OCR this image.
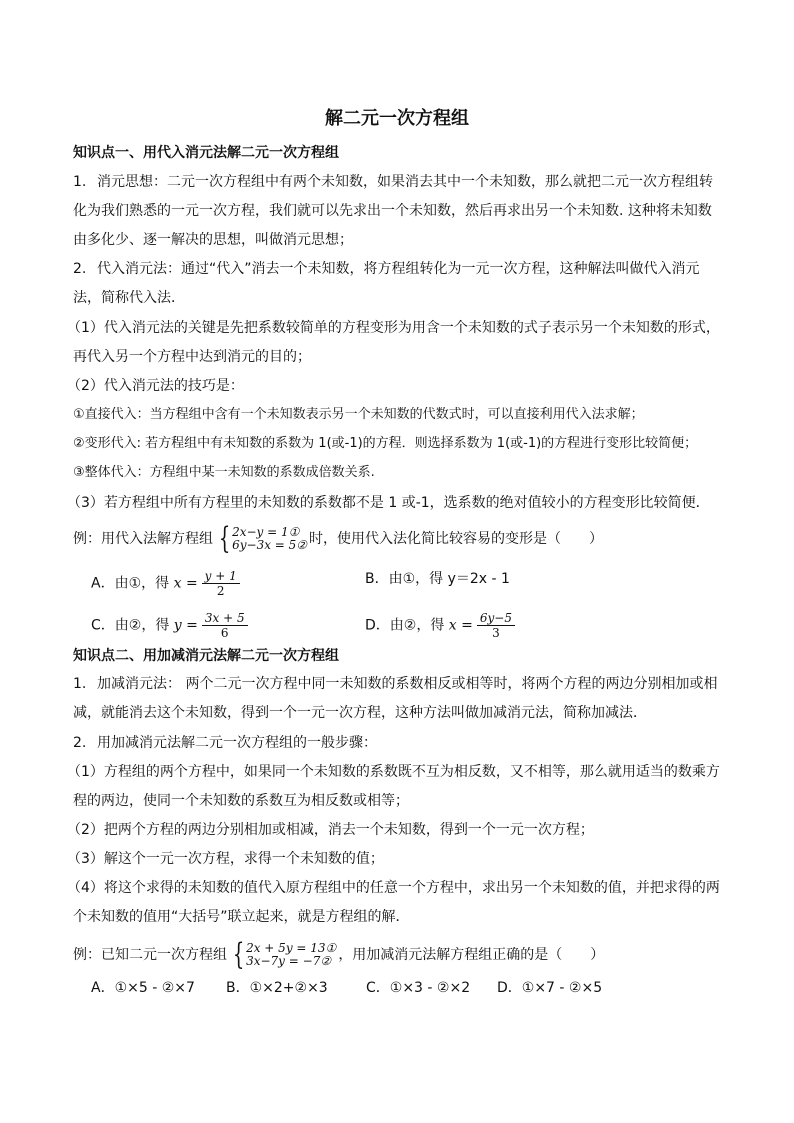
解二元一次方程组
知识点一、用代入消元法解二元一次方程组
1. 消元思想：二元一次方程组中有两个未知数，如果消去其中一个未知数，那么就把二元一次方程组转
化为我们熟悉的一元一次方程，我们就可以先求出一个未知数，然后再求出另一个未知数. 这种将未知数
由多化少、逐一解决的思想，叫做消元思想；
2. 代入消元法：通过“代入”消去一个未知数，将方程组转化为一元一次方程，这种解法叫做代入消元
法，简称代入法．
（1）代入消元法的关键是先把系数较简单的方程变形为用含一个未知数的式子表示另一个未知数的形式，
再代入另一个方程中达到消元的目的；
（2）代入消元法的技巧是：
①直接代入：当方程组中含有一个未知数表示另一个未知数的代数式时，可以直接利用代入法求解；
②变形代入: 若方程组中有未知数的系数为 1(或-1)的方程．则选择系数为 1(或-1)的方程进行变形比较简便；
③整体代入：方程组中某一未知数的系数成倍数关系.
（3）若方程组中所有方程里的未知数的系数都不是 1 或-1，选系数的绝对值较小的方程变形比较简便．
例：用代入法解方程组 { 2x−y = 1①
6y−3x = 5② 时，使用代入法化简比较容易的变形是（　　）
A．由①，得 $x = \frac{y + 1}{2}$	B．由①，得 y＝2x - 1
C．由②，得 $y = \frac{3x + 5}{6}$	D．由②，得 $x = \frac{6y-5}{3}$
知识点二、用加减消元法解二元一次方程组
1. 加减消元法： 两个二元一次方程中同一未知数的系数相反或相等时，将两个方程的两边分别相加或相
减，就能消去这个未知数，得到一个一元一次方程，这种方法叫做加减消元法，简称加减法．
2. 用加减消元法解二元一次方程组的一般步骤：
（1）方程组的两个方程中，如果同一个未知数的系数既不互为相反数，又不相等，那么就用适当的数乘方
程的两边，使同一个未知数的系数互为相反数或相等；
（2）把两个方程的两边分别相加或相减，消去一个未知数，得到一个一元一次方程；
（3）解这个一元一次方程，求得一个未知数的值；
（4）将这个求得的未知数的值代入原方程组中的任意一个方程中，求出另一个未知数的值，并把求得的两
个未知数的值用“大括号”联立起来，就是方程组的解．
例：已知二元一次方程组 { 2x + 5y = 13①
3x−7y = −7② ，用加减消元法解方程组正确的是（　　）
A．①×5 - ②×7 B．①×2+②×3	C．①×3 - ②×2 D．①×7 - ②×5
